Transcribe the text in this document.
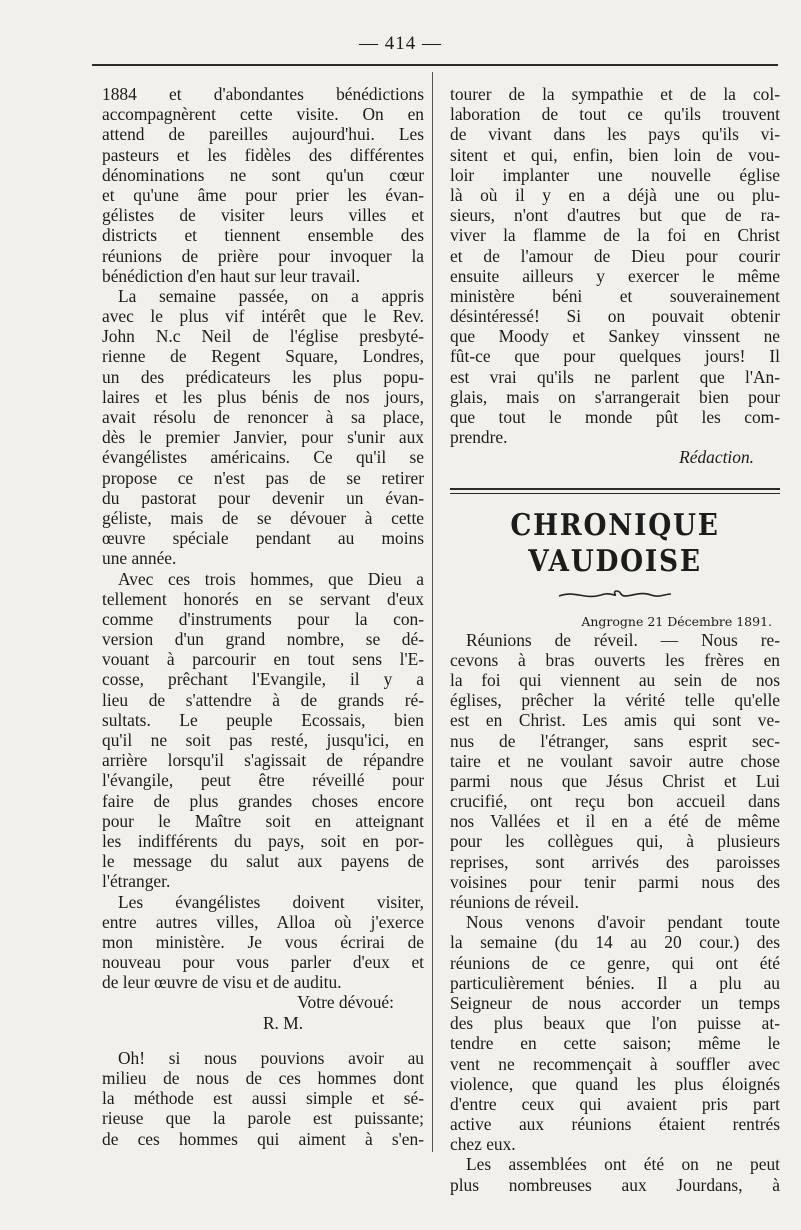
— 414 —
1884 et d'abondantes bénédictions
accompagnèrent cette visite. On en
attend de pareilles aujourd'hui. Les
pasteurs et les fidèles des différentes
dénominations ne sont qu'un cœur
et qu'une âme pour prier les évan-
gélistes de visiter leurs villes et
districts et tiennent ensemble des
réunions de prière pour invoquer la
bénédiction d'en haut sur leur travail.
La semaine passée, on a appris
avec le plus vif intérêt que le Rev.
John N.c Neil de l'église presbyté-
rienne de Regent Square, Londres,
un des prédicateurs les plus popu-
laires et les plus bénis de nos jours,
avait résolu de renoncer à sa place,
dès le premier Janvier, pour s'unir aux
évangélistes américains. Ce qu'il se
propose ce n'est pas de se retirer
du pastorat pour devenir un évan-
géliste, mais de se dévouer à cette
œuvre spéciale pendant au moins
une année.
Avec ces trois hommes, que Dieu a
tellement honorés en se servant d'eux
comme d'instruments pour la con-
version d'un grand nombre, se dé-
vouant à parcourir en tout sens l'E-
cosse, prêchant l'Evangile, il y a
lieu de s'attendre à de grands ré-
sultats. Le peuple Ecossais, bien
qu'il ne soit pas resté, jusqu'ici, en
arrière lorsqu'il s'agissait de répandre
l'évangile, peut être réveillé pour
faire de plus grandes choses encore
pour le Maître soit en atteignant
les indifférents du pays, soit en por-
le message du salut aux payens de
l'étranger.
Les évangélistes doivent visiter,
entre autres villes, Alloa où j'exerce
mon ministère. Je vous écrirai de
nouveau pour vous parler d'eux et
de leur œuvre de visu et de auditu.
Votre dévoué:
R. M.
Oh! si nous pouvions avoir au
milieu de nous de ces hommes dont
la méthode est aussi simple et sé-
rieuse que la parole est puissante;
de ces hommes qui aiment à s'en-
tourer de la sympathie et de la col-
laboration de tout ce qu'ils trouvent
de vivant dans les pays qu'ils vi-
sitent et qui, enfin, bien loin de vou-
loir implanter une nouvelle église
là où il y en a déjà une ou plu-
sieurs, n'ont d'autres but que de ra-
viver la flamme de la foi en Christ
et de l'amour de Dieu pour courir
ensuite ailleurs y exercer le même
ministère béni et souverainement
désintéressé! Si on pouvait obtenir
que Moody et Sankey vinssent ne
fût-ce que pour quelques jours! Il
est vrai qu'ils ne parlent que l'An-
glais, mais on s'arrangerait bien pour
que tout le monde pût les com-
prendre.
Rédaction.
CHRONIQUE VAUDOISE
Angrogne 21 Décembre 1891.
Réunions de réveil. — Nous re-
cevons à bras ouverts les frères en
la foi qui viennent au sein de nos
églises, prêcher la vérité telle qu'elle
est en Christ. Les amis qui sont ve-
nus de l'étranger, sans esprit sec-
taire et ne voulant savoir autre chose
parmi nous que Jésus Christ et Lui
crucifié, ont reçu bon accueil dans
nos Vallées et il en a été de même
pour les collègues qui, à plusieurs
reprises, sont arrivés des paroisses
voisines pour tenir parmi nous des
réunions de réveil.
Nous venons d'avoir pendant toute
la semaine (du 14 au 20 cour.) des
réunions de ce genre, qui ont été
particulièrement bénies. Il a plu au
Seigneur de nous accorder un temps
des plus beaux que l'on puisse at-
tendre en cette saison; même le
vent ne recommençait à souffler avec
violence, que quand les plus éloignés
d'entre ceux qui avaient pris part
active aux réunions étaient rentrés
chez eux.
Les assemblées ont été on ne peut
plus nombreuses aux Jourdans, à
